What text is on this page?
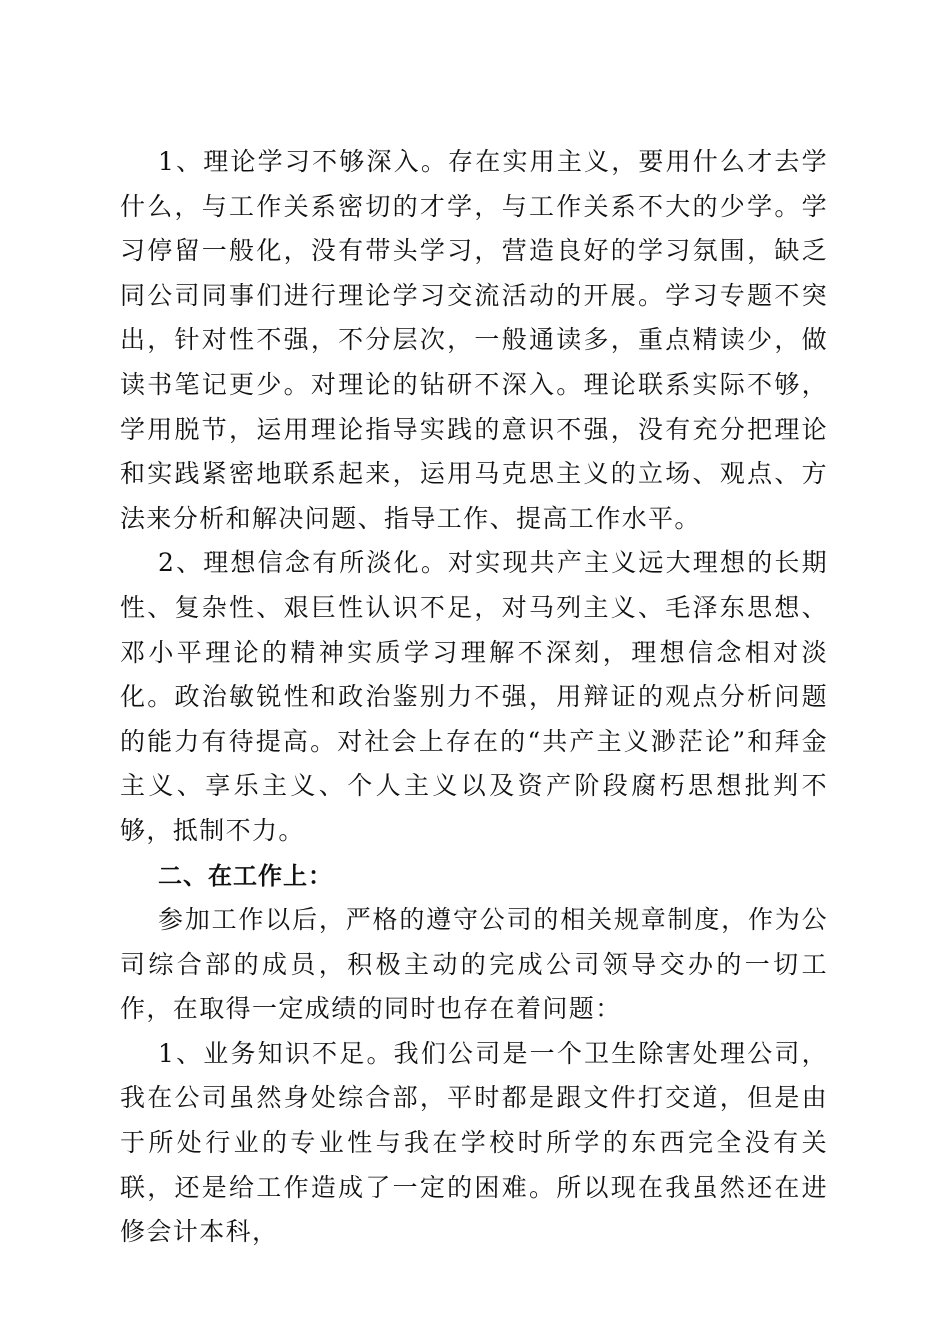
1、理论学习不够深入。存在实用主义，要用什么才去学什么，与工作关系密切的才学，与工作关系不大的少学。学习停留一般化，没有带头学习，营造良好的学习氛围，缺乏同公司同事们进行理论学习交流活动的开展。学习专题不突出，针对性不强，不分层次，一般通读多，重点精读少，做读书笔记更少。对理论的钻研不深入。理论联系实际不够，学用脱节，运用理论指导实践的意识不强，没有充分把理论和实践紧密地联系起来，运用马克思主义的立场、观点、方法来分析和解决问题、指导工作、提高工作水平。

2、理想信念有所淡化。对实现共产主义远大理想的长期性、复杂性、艰巨性认识不足，对马列主义、毛泽东思想、邓小平理论的精神实质学习理解不深刻，理想信念相对淡化。政治敏锐性和政治鉴别力不强，用辩证的观点分析问题的能力有待提高。对社会上存在的“共产主义渺茫论”和拜金主义、享乐主义、个人主义以及资产阶段腐朽思想批判不够，抵制不力。

二、在工作上：

参加工作以后，严格的遵守公司的相关规章制度，作为公司综合部的成员，积极主动的完成公司领导交办的一切工作，在取得一定成绩的同时也存在着问题：

1、业务知识不足。我们公司是一个卫生除害处理公司，我在公司虽然身处综合部，平时都是跟文件打交道，但是由于所处行业的专业性与我在学校时所学的东西完全没有关联，还是给工作造成了一定的困难。所以现在我虽然还在进修会计本科，
